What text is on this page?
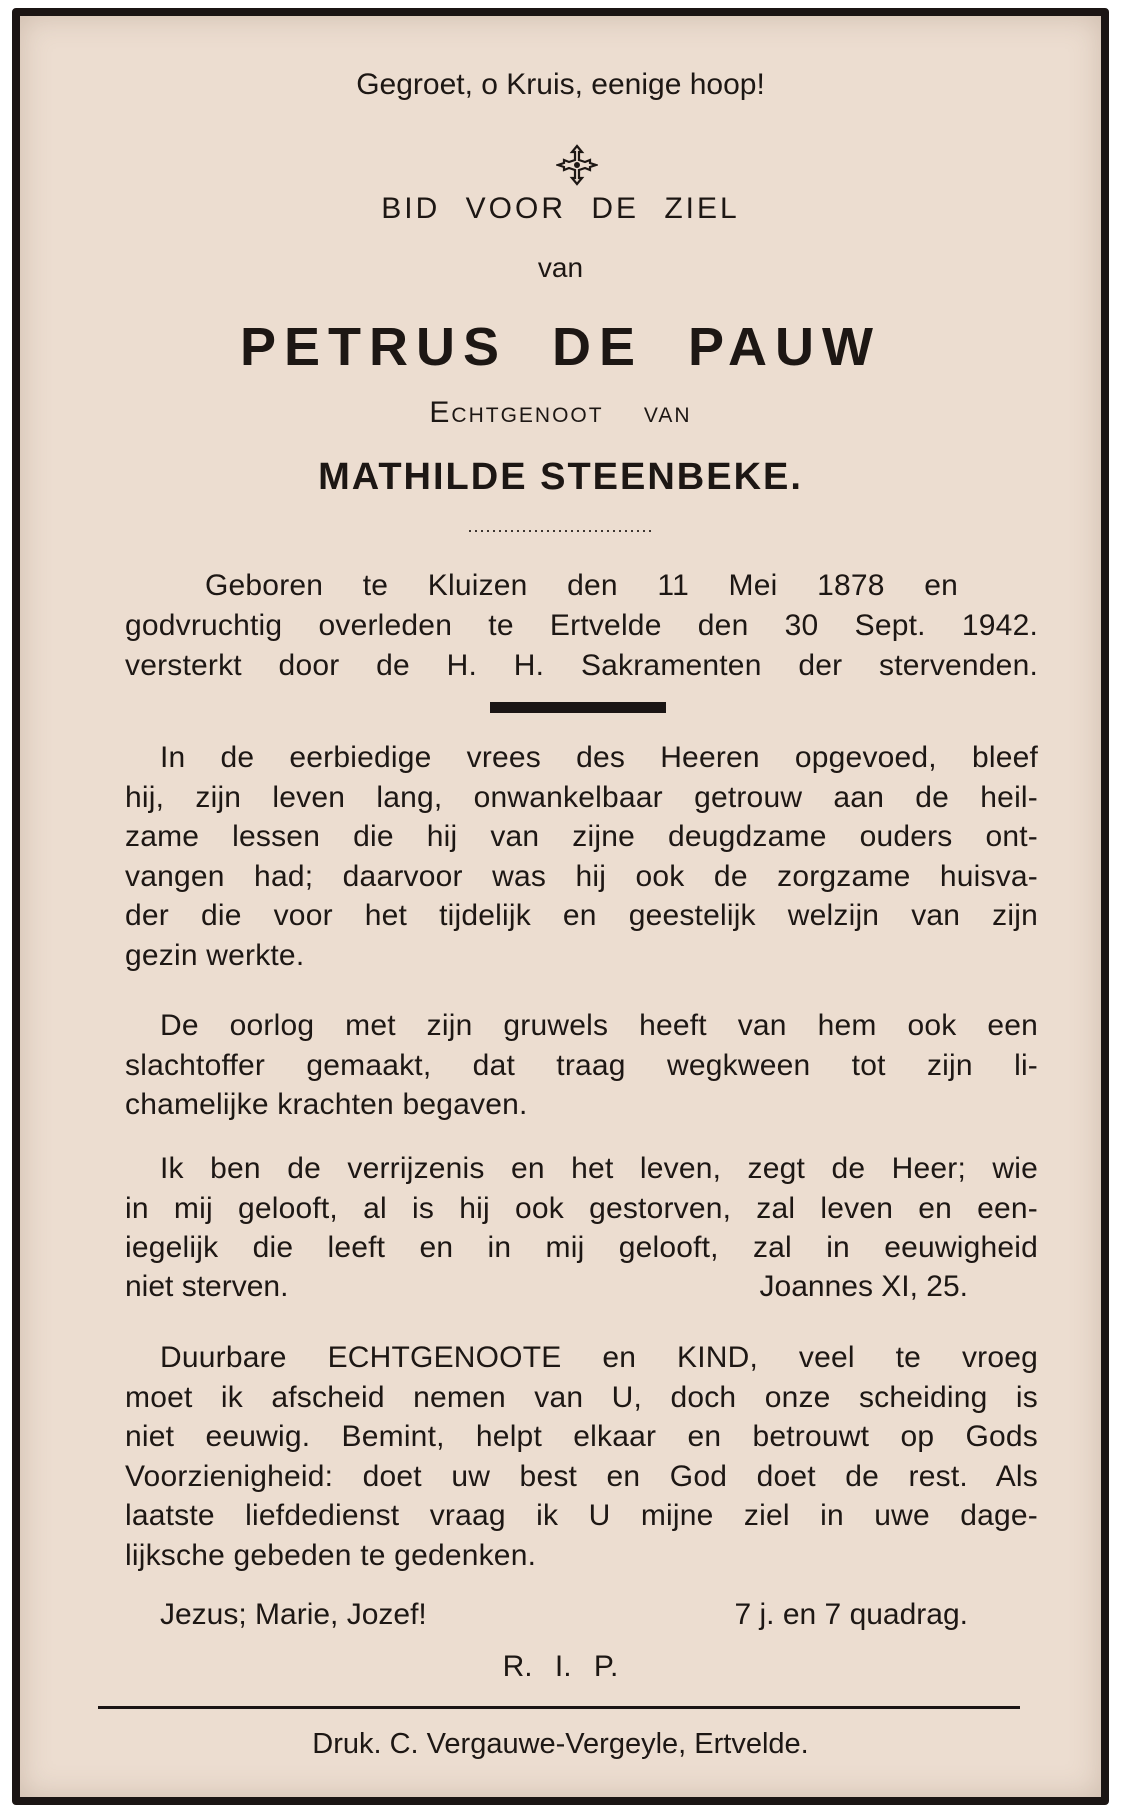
Gegroet, o Kruis, eenige hoop!
BID VOOR DE ZIEL
van
PETRUS DE PAUW
Echtgenoot van
MATHILDE STEENBEKE.
...............................
Geboren te Kluizen den 11 Mei 1878 en
godvruchtig overleden te Ertvelde den 30 Sept. 1942.
versterkt door de H. H. Sakramenten der stervenden.
In de eerbiedige vrees des Heeren opgevoed, bleef
hij, zijn leven lang, onwankelbaar getrouw aan de heil-
zame lessen die hij van zijne deugdzame ouders ont-
vangen had; daarvoor was hij ook de zorgzame huisva-
der die voor het tijdelijk en geestelijk welzijn van zijn
gezin werkte.
De oorlog met zijn gruwels heeft van hem ook een
slachtoffer gemaakt, dat traag wegkween tot zijn li-
chamelijke krachten begaven.
Ik ben de verrijzenis en het leven, zegt de Heer; wie
in mij gelooft, al is hij ook gestorven, zal leven en een-
iegelijk die leeft en in mij gelooft, zal in eeuwigheid
niet sterven.	Joannes XI, 25.
Duurbare ECHTGENOOTE en KIND, veel te vroeg
moet ik afscheid nemen van U, doch onze scheiding is
niet eeuwig. Bemint, helpt elkaar en betrouwt op Gods
Voorzienigheid: doet uw best en God doet de rest. Als
laatste liefdedienst vraag ik U mijne ziel in uwe dage-
lijksche gebeden te gedenken.
Jezus; Marie, Jozef!	7 j. en 7 quadrag.
R. I. P.
Druk. C. Vergauwe-Vergeyle, Ertvelde.
